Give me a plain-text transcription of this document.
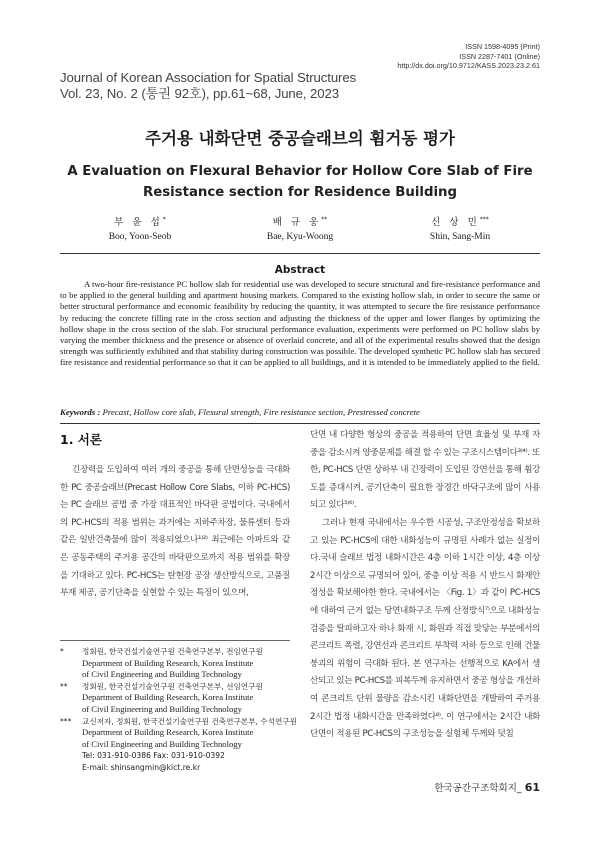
ISSN 1598-4095 (Print)
ISSN 2287-7401 (Online)
http://dx.doi.org/10.9712/KASS.2023.23.2.61
Journal of Korean Association for Spatial Structures
Vol. 23, No. 2 (통권 92호), pp.61~68, June, 2023
주거용 내화단면 중공슬래브의 휨거동 평가
A Evaluation on Flexural Behavior for Hollow Core Slab of Fire
Resistance section for Residence Building
부 윤 섭*
Boo, Yoon-Seob
배 규 웅**
Bae, Kyu-Woong
신 상 민***
Shin, Sang-Min
Abstract

A two-hour fire-resistance PC hollow slab for residential use was developed to secure structural and fire-resistance performance and to be applied to the general building and apartment housing markets. Compared to the existing hollow slab, in order to secure the same or better structural performance and economic feasibility by reducing the quantity, it was attempted to secure the fire resistance performance by reducing the concrete filling rate in the cross section and adjusting the thickness of the upper and lower flanges by optimizing the hollow shape in the cross section of the slab. For structural performance evaluation, experiments were performed on PC hollow slabs by varying the member thickness and the presence or absence of overlaid concrete, and all of the experimental results showed that the design strength was sufficiently exhibited and that stability during construction was possible. The developed synthetic PC hollow slab has secured fire resistance and residential performance so that it can be applied to all buildings, and it is intended to be immediately applied to the field.

Keywords : Precast, Hollow core slab, Flexural strength, Fire resistance section, Prestressed concrete
1. 서론

긴장력을 도입하여 여러 개의 중공을 통해 단면성능을 극대화한 PC 중공슬래브(Precast Hollow Core Slabs, 이하 PC-HCS)는 PC 슬래브 공법 중 가장 대표적인 바닥판 공법이다. 국내에서의 PC-HCS의 적용 범위는 과거에는 지하주차장, 물류센터 등과 같은 일반건축물에 많이 적용되었으나¹⁾²⁾ 최근에는 아파트와 같은 공동주택의 주거용 공간의 바닥판으로까지 적용 범위를 확장을 기대하고 있다. PC-HCS는 탄현장 공장 생산방식으로, 고품질 부재 제공, 공기단축을 실현할 수 있는 특징이 있으며,

단면 내 다양한 형상의 중공을 적용하여 단면 효율성 및 부재 자중을 감소시켜 양중문제를 해결 할 수 있는 구조시스템이다³⁾⁴⁾. 또한, PC-HCS 단면 상하부 내 긴장력이 도입된 강연선을 통해 휨강도를 증대시켜, 공기단축이 필요한 장경간 바닥구조에 많이 사용되고 있다⁵⁾⁶⁾.

그러나 현재 국내에서는 우수한 시공성, 구조안정성을 확보하고 있는 PC-HCS에 대한 내화성능이 규명된 사례가 없는 실정이다.국내 슬래브 법정 내화시간은 4층 이하 1시간 이상, 4층 이상 2시간 이상으로 규명되어 있어, 중층 이상 적용 시 반드시 화재안정성을 확보해야한 한다. 국내에서는 〈Fig. 1〉과 같이 PC-HCS에 대하여 근거 없는 당연내화구조 두께 산정방식⁷⁾으로 내화성능 검증을 탈피하고자 하나 화재 시, 화원과 직접 맞닿는 부분에서의 콘크리트 폭렬, 강연선과 콘크리트 부착력 저하 등으로 인해 건물 붕괴의 위험이 극대화 된다. 본 연구자는 선행적으로 KA에서 생산되고 있는 PC-HCS를 피복두께 유지하면서 중공 형상을 개선하여 콘크리트 단위 물량을 감소시킨 내화단면을 개발하여 주거용 2시간 법정 내화시간을 만족하였다⁸⁾. 이 연구에서는 2시간 내화단면이 적용된 PC-HCS의 구조성능을 실험체 두께와 덧침

*	정회원, 한국건설기술연구원 건축연구본부, 전임연구원
Department of Building Research, Korea Institute
of Civil Engineering and Building Technology
**	정회원, 한국건설기술연구원 건축연구본부, 선임연구원
Department of Building Research, Korea Institute
of Civil Engineering and Building Technology
***	교신저자, 정회원, 한국건설기술연구원 건축연구본부, 수석연구원
Department of Building Research, Korea Institute
of Civil Engineering and Building Technology
Tel: 031-910-0386 Fax: 031-910-0392
E-mail: shinsangmin@kict.re.kr
한국공간구조학회지_ 61
